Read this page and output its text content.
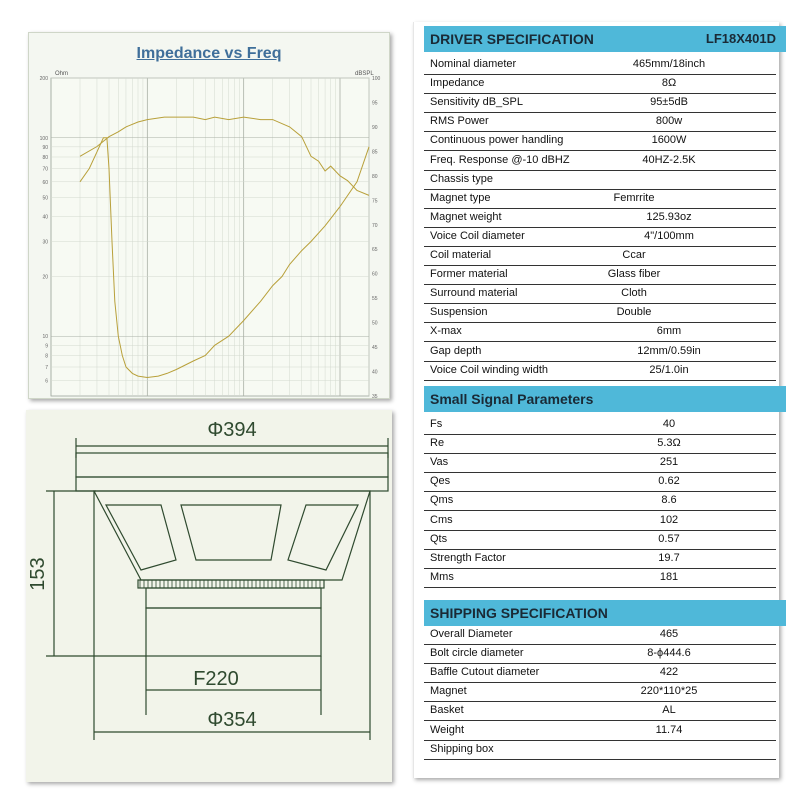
Impedance vs Freq
Ohm	dBSPL
200
100
90
80
70
60
50
40
30
20
10
9
8
7
6
100
95
90
85
80
75
70
65
60
55
50
45
40
35
Φ394
153
F220
Φ354
DRIVER SPECIFICATION	LF18X401D
Nominal diameter	465mm/18inch
Impedance	8Ω
Sensitivity dB_SPL	95±5dB
RMS Power	800w
Continuous power handling	1600W
Freq. Response @-10 dBHZ	40HZ-2.5K
Chassis type
Magnet type	Femrrite
Magnet weight	125.93oz
Voice Coil diameter	4"/100mm
Coil material	Ccar
Former material	Glass fiber
Surround material	Cloth
Suspension	Double
X-max	6mm
Gap depth	12mm/0.59in
Voice Coil winding width	25/1.0in
Small Signal Parameters
Fs	40
Re	5.3Ω
Vas	251
Qes	0.62
Qms	8.6
Cms	102
Qts	0.57
Strength Factor	19.7
Mms	181
SHIPPING SPECIFICATION
Overall Diameter	465
Bolt circle diameter	8-ϕ444.6
Baffle Cutout diameter	422
Magnet	220*110*25
Basket	AL
Weight	11.74
Shipping box
